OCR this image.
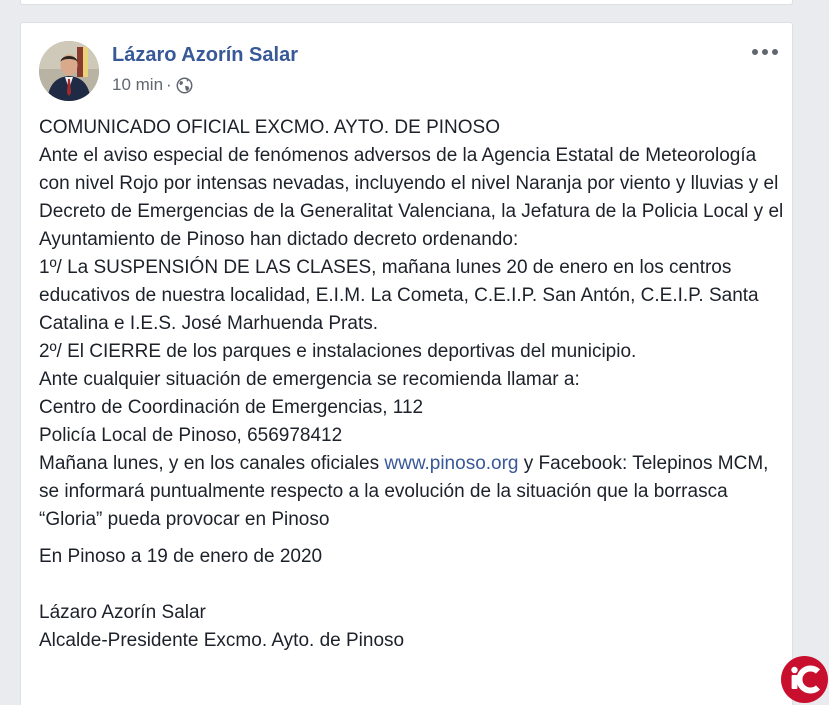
Lázaro Azorín Salar
10 min ·

COMUNICADO OFICIAL EXCMO. AYTO. DE PINOSO

Ante el aviso especial de fenómenos adversos de la Agencia Estatal de Meteorología con nivel Rojo por intensas nevadas, incluyendo el nivel Naranja por viento y lluvias y el Decreto de Emergencias de la Generalitat Valenciana, la Jefatura de la Policia Local y el Ayuntamiento de Pinoso han dictado decreto ordenando:

1º/ La SUSPENSIÓN DE LAS CLASES, mañana lunes 20 de enero en los centros educativos de nuestra localidad, E.I.M. La Cometa, C.E.I.P. San Antón, C.E.I.P. Santa Catalina e I.E.S. José Marhuenda Prats.

2º/ El CIERRE de los parques e instalaciones deportivas del municipio.

Ante cualquier situación de emergencia se recomienda llamar a:

Centro de Coordinación de Emergencias, 112

Policía Local de Pinoso, 656978412

Mañana lunes, y en los canales oficiales www.pinoso.org y Facebook: Telepinos MCM, se informará puntualmente respecto a la evolución de la situación que la borrasca “Gloria” pueda provocar en Pinoso

En Pinoso a 19 de enero de 2020

Lázaro Azorín Salar

Alcalde-Presidente Excmo. Ayto. de Pinoso
